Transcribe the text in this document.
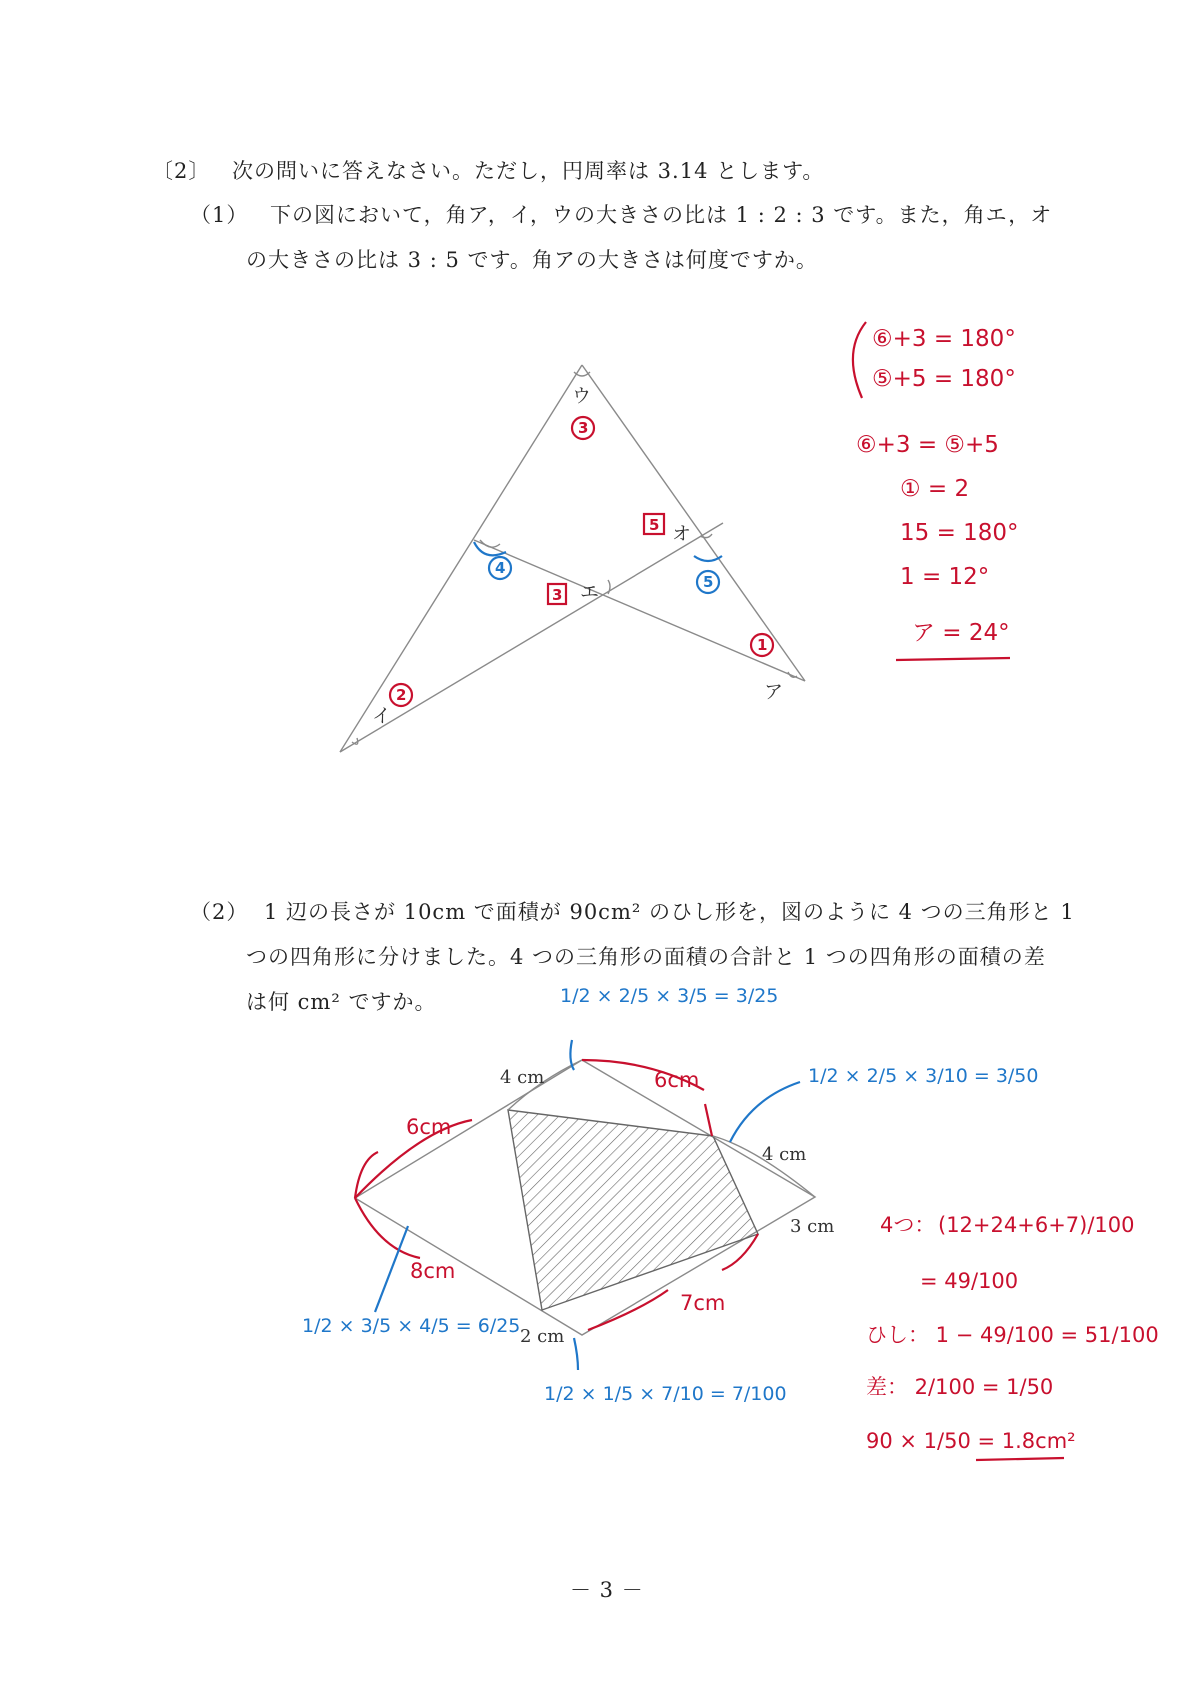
〔2〕 次の問いに答えなさい。ただし，円周率は 3.14 とします。
（1） 下の図において，角ア，イ，ウの大きさの比は 1 : 2 : 3 です。また，角エ，オ
の大きさの比は 3 : 5 です。角アの大きさは何度ですか。
（2） 1 辺の長さが 10cm で面積が 90cm² のひし形を，図のように 4 つの三角形と 1
つの四角形に分けました。4 つの三角形の面積の合計と 1 つの四角形の面積の差
は何 cm² ですか。
－ 3 －
ウ
イ
ア
エ
オ
3
2
1
3
5
4
5
⑥+3 = 180°
⑤+5 = 180°
⑥+3 = ⑤+5
① = 2
15 = 180°
1 = 12°
ア = 24°
4 cm
4 cm
3 cm
2 cm
6cm
6cm
8cm
7cm
1/2 × 2/5 × 3/5 = 3/25
1/2 × 2/5 × 3/10 = 3/50
1/2 × 3/5 × 4/5 = 6/25
1/2 × 1/5 × 7/10 = 7/100
4つ： (12+24+6+7)/100
= 49/100
ひし： 1 − 49/100 = 51/100
差： 2/100 = 1/50
90 × 1/50 = 1.8cm²
